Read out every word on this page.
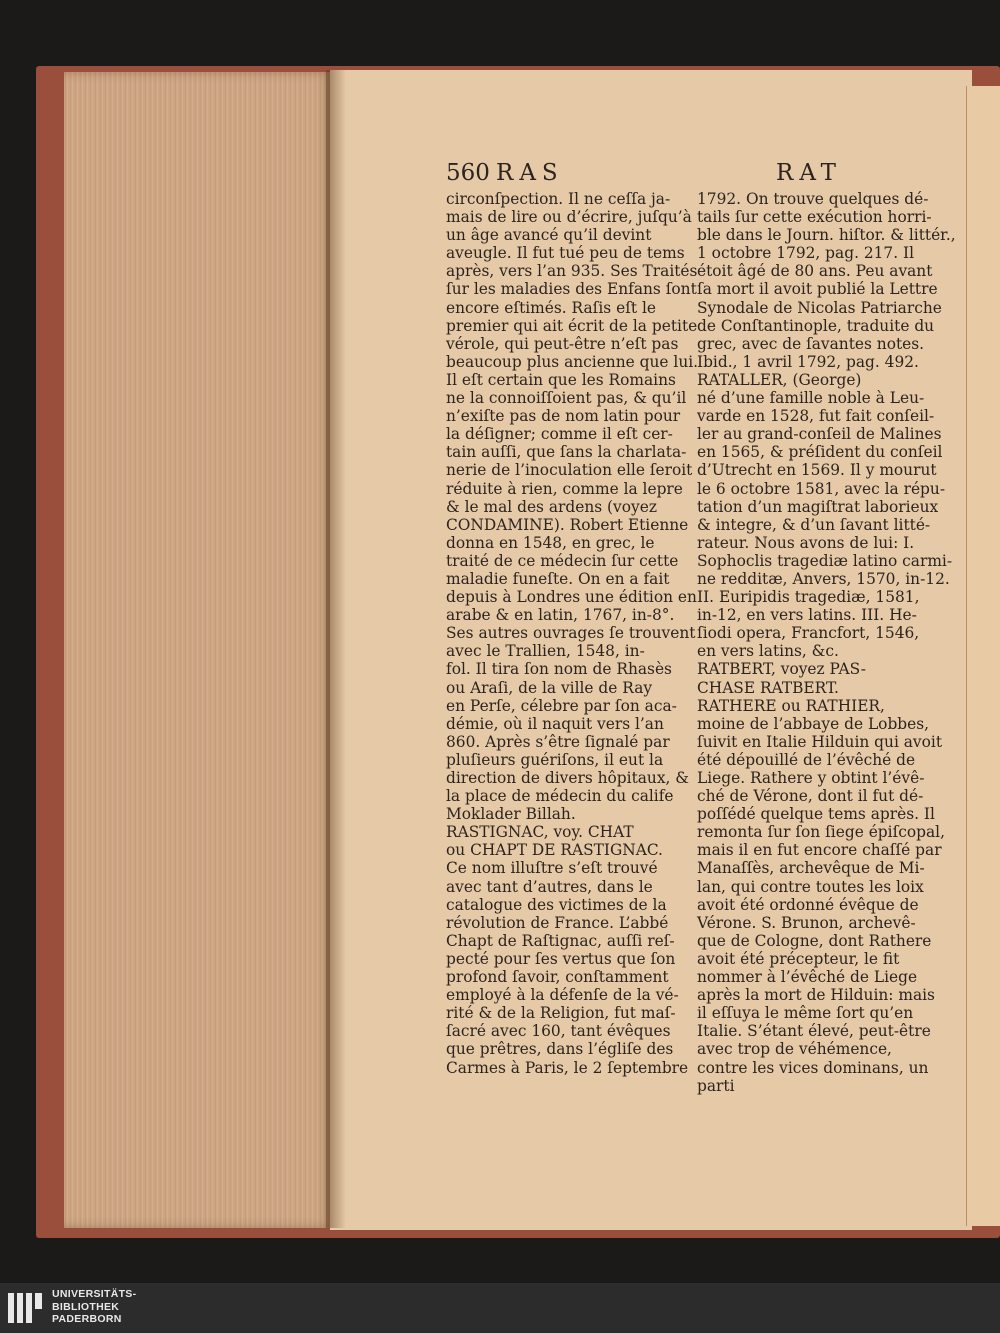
560 RAS	RAT
circonſpection. Il ne ceſſa ja-
mais de lire ou d’écrire, juſqu’à
un âge avancé qu’il devint
aveugle. Il fut tué peu de tems
après, vers l’an 935. Ses Traités
ſur les maladies des Enfans ſont
encore eſtimés. Raſis eſt le
premier qui ait écrit de la petite
vérole, qui peut-être n’eſt pas
beaucoup plus ancienne que lui.
Il eſt certain que les Romains
ne la connoiſſoient pas, & qu’il
n’exiſte pas de nom latin pour
la déſigner; comme il eſt cer-
tain auſſi, que ſans la charlata-
nerie de l’inoculation elle ſeroit
réduite à rien, comme la lepre
& le mal des ardens (voyez
CONDAMINE). Robert Etienne
donna en 1548, en grec, le
traité de ce médecin ſur cette
maladie funeſte. On en a fait
depuis à Londres une édition en
arabe & en latin, 1767, in-8°.
Ses autres ouvrages ſe trouvent
avec le Trallien, 1548, in-
fol. Il tira ſon nom de Rhasès
ou Araſi, de la ville de Ray
en Perſe, célebre par ſon aca-
démie, où il naquit vers l’an
860. Après s’être ſignalé par
pluſieurs guériſons, il eut la
direction de divers hôpitaux, &
la place de médecin du calife
Moklader Billah.
RASTIGNAC, voy. CHAT
ou CHAPT DE RASTIGNAC.
Ce nom illuſtre s’eſt trouvé
avec tant d’autres, dans le
catalogue des victimes de la
révolution de France. L’abbé
Chapt de Raſtignac, auſſi reſ-
pecté pour ſes vertus que ſon
profond ſavoir, conſtamment
employé à la défenſe de la vé-
rité & de la Religion, fut maſ-
ſacré avec 160, tant évêques
que prêtres, dans l’égliſe des
Carmes à Paris, le 2 ſeptembre
1792. On trouve quelques dé-
tails ſur cette exécution horri-
ble dans le Journ. hiſtor. & littér.,
1 octobre 1792, pag. 217. Il
étoit âgé de 80 ans. Peu avant
ſa mort il avoit publié la Lettre
Synodale de Nicolas Patriarche
de Conſtantinople, traduite du
grec, avec de ſavantes notes.
Ibid., 1 avril 1792, pag. 492.
RATALLER, (George)
né d’une famille noble à Leu-
varde en 1528, fut fait conſeil-
ler au grand-conſeil de Malines
en 1565, & préſident du conſeil
d’Utrecht en 1569. Il y mourut
le 6 octobre 1581, avec la répu-
tation d’un magiſtrat laborieux
& integre, & d’un ſavant litté-
rateur. Nous avons de lui: I.
Sophoclis tragediæ latino carmi-
ne redditæ, Anvers, 1570, in-12.
II. Euripidis tragediæ, 1581,
in-12, en vers latins. III. He-
ſiodi opera, Francfort, 1546,
en vers latins, &c.
RATBERT, voyez PAS-
CHASE RATBERT.
RATHERE ou RATHIER,
moine de l’abbaye de Lobbes,
ſuivit en Italie Hilduin qui avoit
été dépouillé de l’évêché de
Liege. Rathere y obtint l’évê-
ché de Vérone, dont il fut dé-
poſſédé quelque tems après. Il
remonta ſur ſon ſiege épiſcopal,
mais il en fut encore chaſſé par
Manaſſès, archevêque de Mi-
lan, qui contre toutes les loix
avoit été ordonné évêque de
Vérone. S. Brunon, archevê-
que de Cologne, dont Rathere
avoit été précepteur, le fit
nommer à l’évêché de Liege
après la mort de Hilduin: mais
il eſſuya le même ſort qu’en
Italie. S’étant élevé, peut-être
avec trop de véhémence,
contre les vices dominans, un
parti
UNIVERSITÄTS-
BIBLIOTHEK
PADERBORN
